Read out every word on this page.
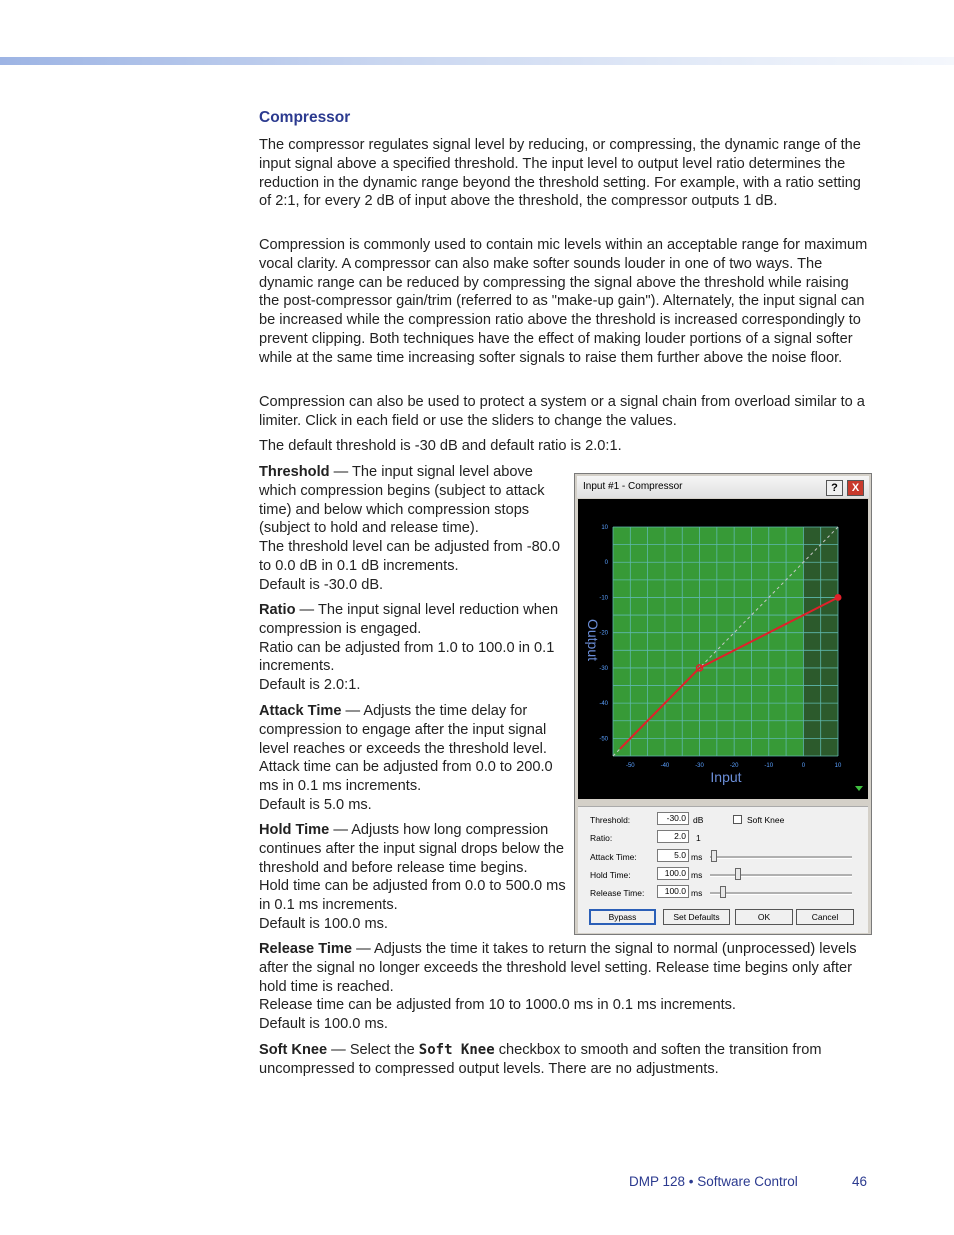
Compressor

The compressor regulates signal level by reducing, or compressing, the dynamic range of the input signal above a specified threshold. The input level to output level ratio determines the reduction in the dynamic range beyond the threshold setting. For example, with a ratio setting of 2:1, for every 2 dB of input above the threshold, the compressor outputs 1 dB.

Compression is commonly used to contain mic levels within an acceptable range for maximum vocal clarity. A compressor can also make softer sounds louder in one of two ways. The dynamic range can be reduced by compressing the signal above the threshold while raising the post-compressor gain/trim (referred to as "make-up gain"). Alternately, the input signal can be increased while the compression ratio above the threshold is increased correspondingly to prevent clipping. Both techniques have the effect of making louder portions of a signal softer while at the same time increasing softer signals to raise them further above the noise floor.

Compression can also be used to protect a system or a signal chain from overload similar to a limiter. Click in each field or use the sliders to change the values.

The default threshold is -30 dB and default ratio is 2.0:1.

Threshold — The input signal level above which compression begins (subject to attack time) and below which compression stops (subject to hold and release time).

The threshold level can be adjusted from -80.0 to 0.0 dB in 0.1 dB increments.

Default is -30.0 dB.

Ratio — The input signal level reduction when compression is engaged.

Ratio can be adjusted from 1.0 to 100.0 in 0.1 increments.

Default is 2.0:1.

Attack Time — Adjusts the time delay for compression to engage after the input signal level reaches or exceeds the threshold level.

Attack time can be adjusted from 0.0 to 200.0 ms in 0.1 ms increments.

Default is 5.0 ms.

Hold Time — Adjusts how long compression continues after the input signal drops below the threshold and before release time begins.

Hold time can be adjusted from 0.0 to 500.0 ms in 0.1 ms increments.

Default is 100.0 ms.

Release Time — Adjusts the time it takes to return the signal to normal (unprocessed) levels after the signal no longer exceeds the threshold level setting. Release time begins only after hold time is reached.

Release time can be adjusted from 10 to 1000.0 ms in 0.1 ms increments.

Default is 100.0 ms.

Soft Knee — Select the Soft Knee checkbox to smooth and soften the transition from uncompressed to compressed output levels. There are no adjustments.

Input #1 - Compressor	?	X
-50	-40	-30	-20	-10	0	10
10
0
-10
-20
-30
-40
-50
Input
Output
Threshold:	-30.0 dB	Soft Knee
Ratio:	2.0	1
Attack Time:	5.0 ms
Hold Time:	100.0 ms
Release Time:	100.0 ms
Bypass	Set Defaults	OK	Cancel
DMP 128 • Software Control	46
